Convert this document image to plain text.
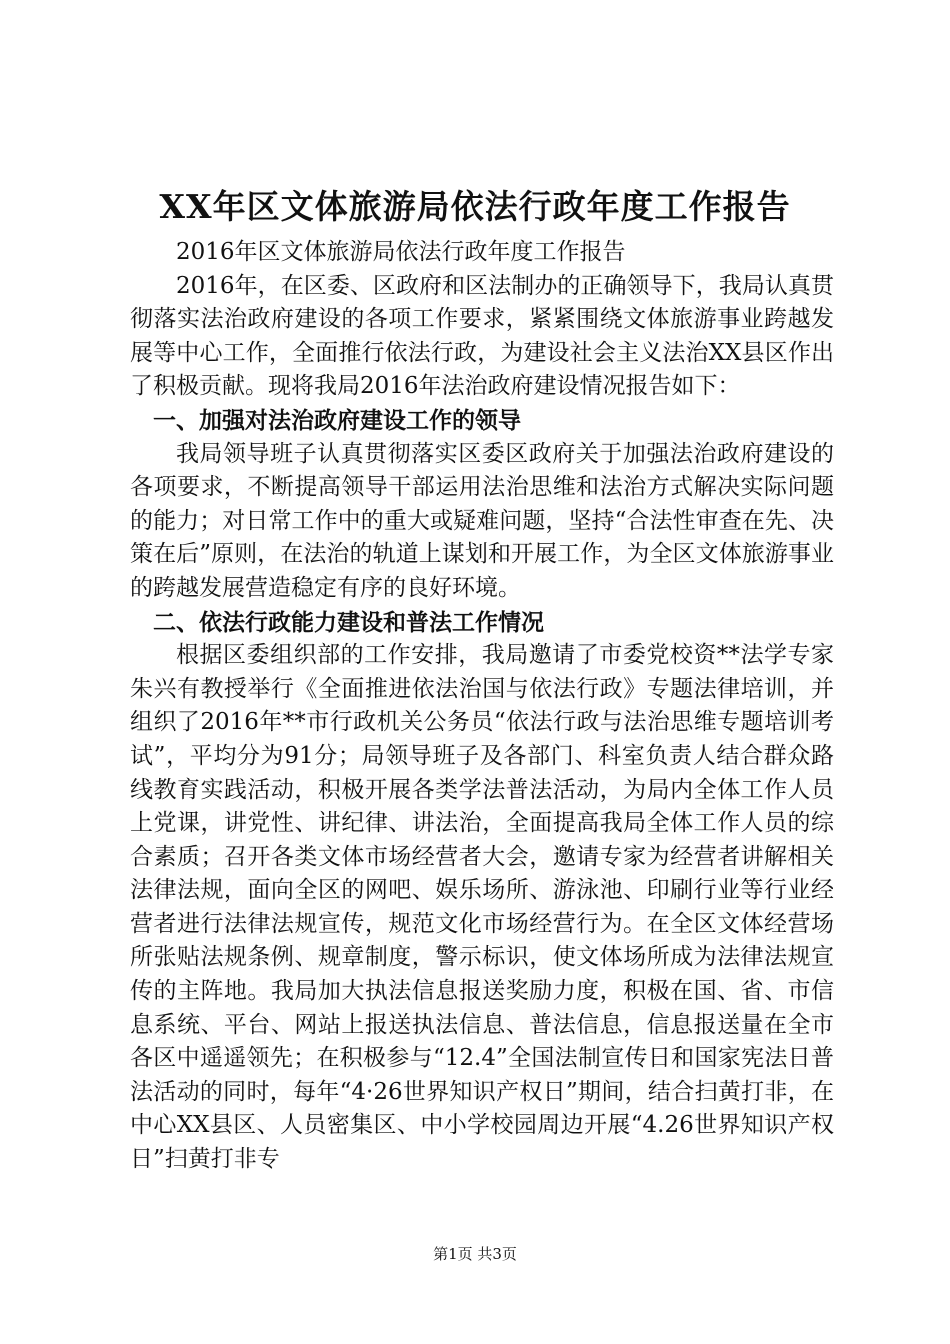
XX年区文体旅游局依法行政年度工作报告

2016年区文体旅游局依法行政年度工作报告

2016年，在区委、区政府和区法制办的正确领导下，我局认真贯彻落实法治政府建设的各项工作要求，紧紧围绕文体旅游事业跨越发展等中心工作，全面推行依法行政，为建设社会主义法治XX县区作出了积极贡献。现将我局2016年法治政府建设情况报告如下：

一、加强对法治政府建设工作的领导

我局领导班子认真贯彻落实区委区政府关于加强法治政府建设的各项要求，不断提高领导干部运用法治思维和法治方式解决实际问题的能力；对日常工作中的重大或疑难问题，坚持“合法性审查在先、决策在后”原则，在法治的轨道上谋划和开展工作，为全区文体旅游事业的跨越发展营造稳定有序的良好环境。

二、依法行政能力建设和普法工作情况

根据区委组织部的工作安排，我局邀请了市委党校资**法学专家朱兴有教授举行《全面推进依法治国与依法行政》专题法律培训，并组织了2016年**市行政机关公务员“依法行政与法治思维专题培训考试”，平均分为91分；局领导班子及各部门、科室负责人结合群众路线教育实践活动，积极开展各类学法普法活动，为局内全体工作人员上党课，讲党性、讲纪律、讲法治，全面提高我局全体工作人员的综合素质；召开各类文体市场经营者大会，邀请专家为经营者讲解相关法律法规，面向全区的网吧、娱乐场所、游泳池、印刷行业等行业经营者进行法律法规宣传，规范文化市场经营行为。在全区文体经营场所张贴法规条例、规章制度，警示标识，使文体场所成为法律法规宣传的主阵地。我局加大执法信息报送奖励力度，积极在国、省、市信息系统、平台、网站上报送执法信息、普法信息，信息报送量在全市各区中遥遥领先；在积极参与“12.4”全国法制宣传日和国家宪法日普法活动的同时，每年“4·26世界知识产权日”期间，结合扫黄打非，在中心XX县区、人员密集区、中小学校园周边开展“4.26世界知识产权日”扫黄打非专

第1页 共3页
